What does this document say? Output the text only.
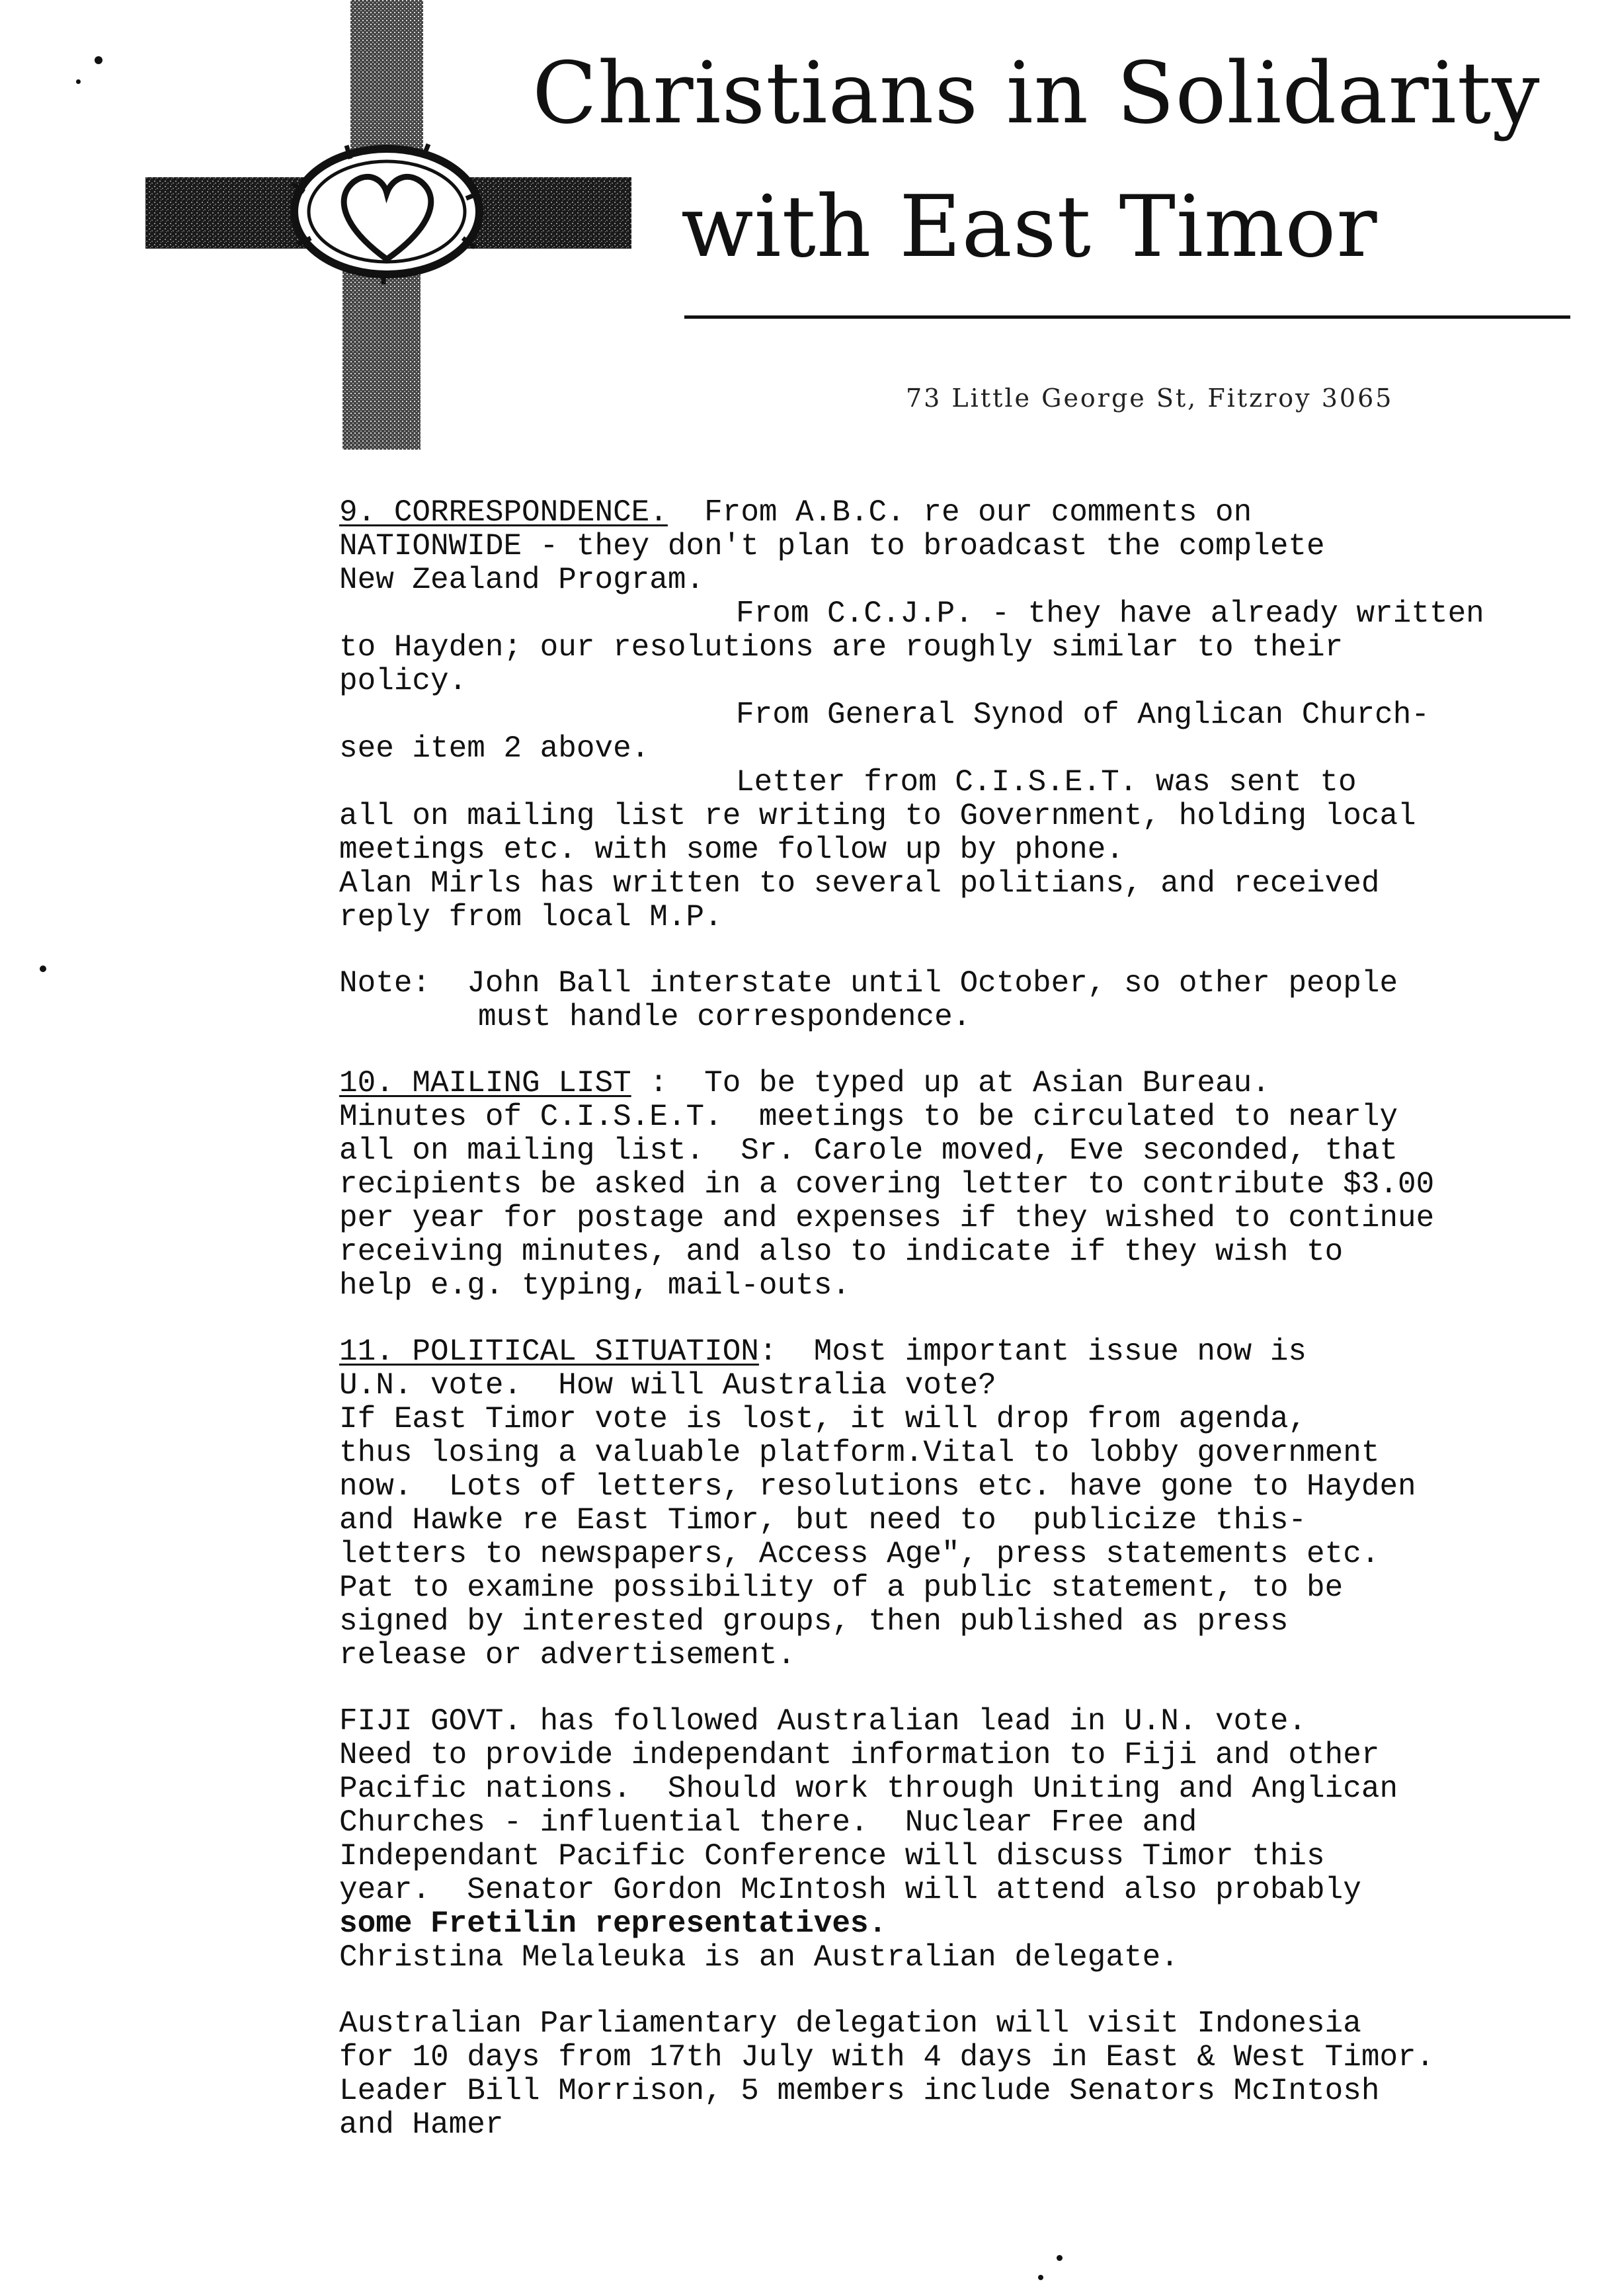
Christians in Solidarity
with East Timor
73 Little George St, Fitzroy 3065
9. CORRESPONDENCE. From A.B.C. re our comments on
NATIONWIDE - they don't plan to broadcast the complete
New Zealand Program.
From C.C.J.P. - they have already written
to Hayden; our resolutions are roughly similar to their
policy.
From General Synod of Anglican Church-
see item 2 above.
Letter from C.I.S.E.T. was sent to
all on mailing list re writing to Government, holding local
meetings etc. with some follow up by phone.
Alan Mirls has written to several politians, and received
reply from local M.P.
Note: John Ball interstate until October, so other people
must handle correspondence.
10. MAILING LIST :  To be typed up at Asian Bureau.
Minutes of C.I.S.E.T.  meetings to be circulated to nearly
all on mailing list.  Sr. Carole moved, Eve seconded, that
recipients be asked in a covering letter to contribute $3.00
per year for postage and expenses if they wished to continue
receiving minutes, and also to indicate if they wish to
help e.g. typing, mail-outs.
11. POLITICAL SITUATION:  Most important issue now is
U.N. vote.  How will Australia vote?
If East Timor vote is lost, it will drop from agenda,
thus losing a valuable platform.Vital to lobby government
now.  Lots of letters, resolutions etc. have gone to Hayden
and Hawke re East Timor, but need to  publicize this-
letters to newspapers, Access Age", press statements etc.
Pat to examine possibility of a public statement, to be
signed by interested groups, then published as press
release or advertisement.
FIJI GOVT. has followed Australian lead in U.N. vote.
Need to provide independant information to Fiji and other
Pacific nations.  Should work through Uniting and Anglican
Churches - influential there.  Nuclear Free and
Independant Pacific Conference will discuss Timor this
year.  Senator Gordon McIntosh will attend also probably
some Fretilin representatives.
Christina Melaleuka is an Australian delegate.
Australian Parliamentary delegation will visit Indonesia
for 10 days from 17th July with 4 days in East & West Timor.
Leader Bill Morrison, 5 members include Senators McIntosh
and Hamer
